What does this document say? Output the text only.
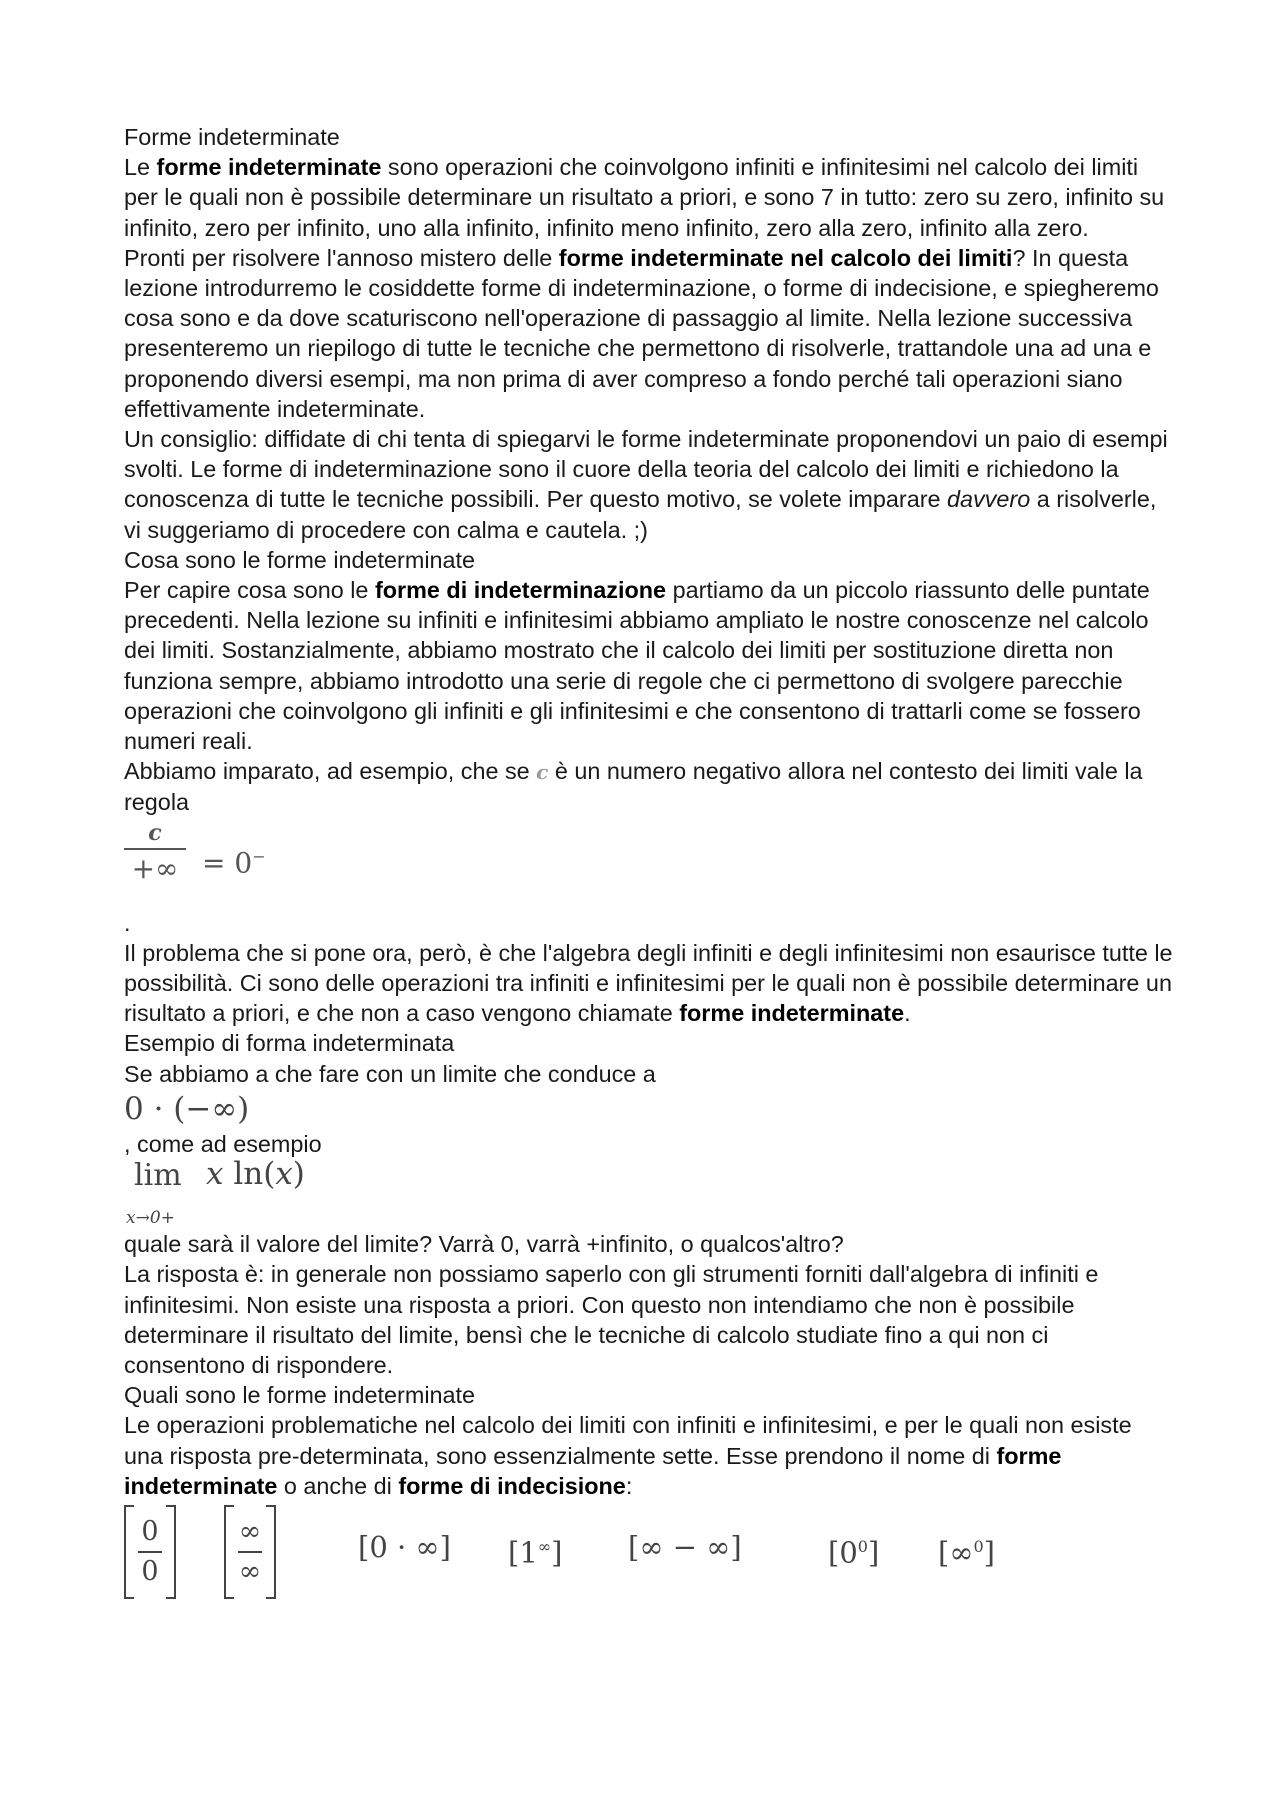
Forme indeterminate

Le forme indeterminate sono operazioni che coinvolgono infiniti e infinitesimi nel calcolo dei limiti per le quali non è possibile determinare un risultato a priori, e sono 7 in tutto: zero su zero, infinito su infinito, zero per infinito, uno alla infinito, infinito meno infinito, zero alla zero, infinito alla zero.

Pronti per risolvere l'annoso mistero delle forme indeterminate nel calcolo dei limiti? In questa lezione introdurremo le cosiddette forme di indeterminazione, o forme di indecisione, e spiegheremo cosa sono e da dove scaturiscono nell'operazione di passaggio al limite. Nella lezione successiva presenteremo un riepilogo di tutte le tecniche che permettono di risolverle, trattandole una ad una e proponendo diversi esempi, ma non prima di aver compreso a fondo perché tali operazioni siano effettivamente indeterminate.

Un consiglio: diffidate di chi tenta di spiegarvi le forme indeterminate proponendovi un paio di esempi svolti. Le forme di indeterminazione sono il cuore della teoria del calcolo dei limiti e richiedono la conoscenza di tutte le tecniche possibili. Per questo motivo, se volete imparare davvero a risolverle, vi suggeriamo di procedere con calma e cautela. ;)

Cosa sono le forme indeterminate

Per capire cosa sono le forme di indeterminazione partiamo da un piccolo riassunto delle puntate precedenti. Nella lezione su infiniti e infinitesimi abbiamo ampliato le nostre conoscenze nel calcolo dei limiti. Sostanzialmente, abbiamo mostrato che il calcolo dei limiti per sostituzione diretta non funziona sempre, abbiamo introdotto una serie di regole che ci permettono di svolgere parecchie operazioni che coinvolgono gli infiniti e gli infinitesimi e che consentono di trattarli come se fossero numeri reali.

Abbiamo imparato, ad esempio, che se c è un numero negativo allora nel contesto dei limiti vale la regola

c
+∞ = 0−

.

Il problema che si pone ora, però, è che l'algebra degli infiniti e degli infinitesimi non esaurisce tutte le possibilità. Ci sono delle operazioni tra infiniti e infinitesimi per le quali non è possibile determinare un risultato a priori, e che non a caso vengono chiamate forme indeterminate.

Esempio di forma indeterminata

Se abbiamo a che fare con un limite che conduce a

0 · (−∞)

, come ad esempio

lim
x→0+
x ln(x)

quale sarà il valore del limite? Varrà 0, varrà +infinito, o qualcos'altro?

La risposta è: in generale non possiamo saperlo con gli strumenti forniti dall'algebra di infiniti e infinitesimi. Non esiste una risposta a priori. Con questo non intendiamo che non è possibile determinare il risultato del limite, bensì che le tecniche di calcolo studiate fino a qui non ci consentono di rispondere.

Quali sono le forme indeterminate

Le operazioni problematiche nel calcolo dei limiti con infiniti e infinitesimi, e per le quali non esiste una risposta pre-determinata, sono essenzialmente sette. Esse prendono il nome di forme indeterminate o anche di forme di indecisione:

0
0
∞
∞
[0 · ∞] [1∞] [∞ − ∞]	$[0^0]$ [∞$^0$]
